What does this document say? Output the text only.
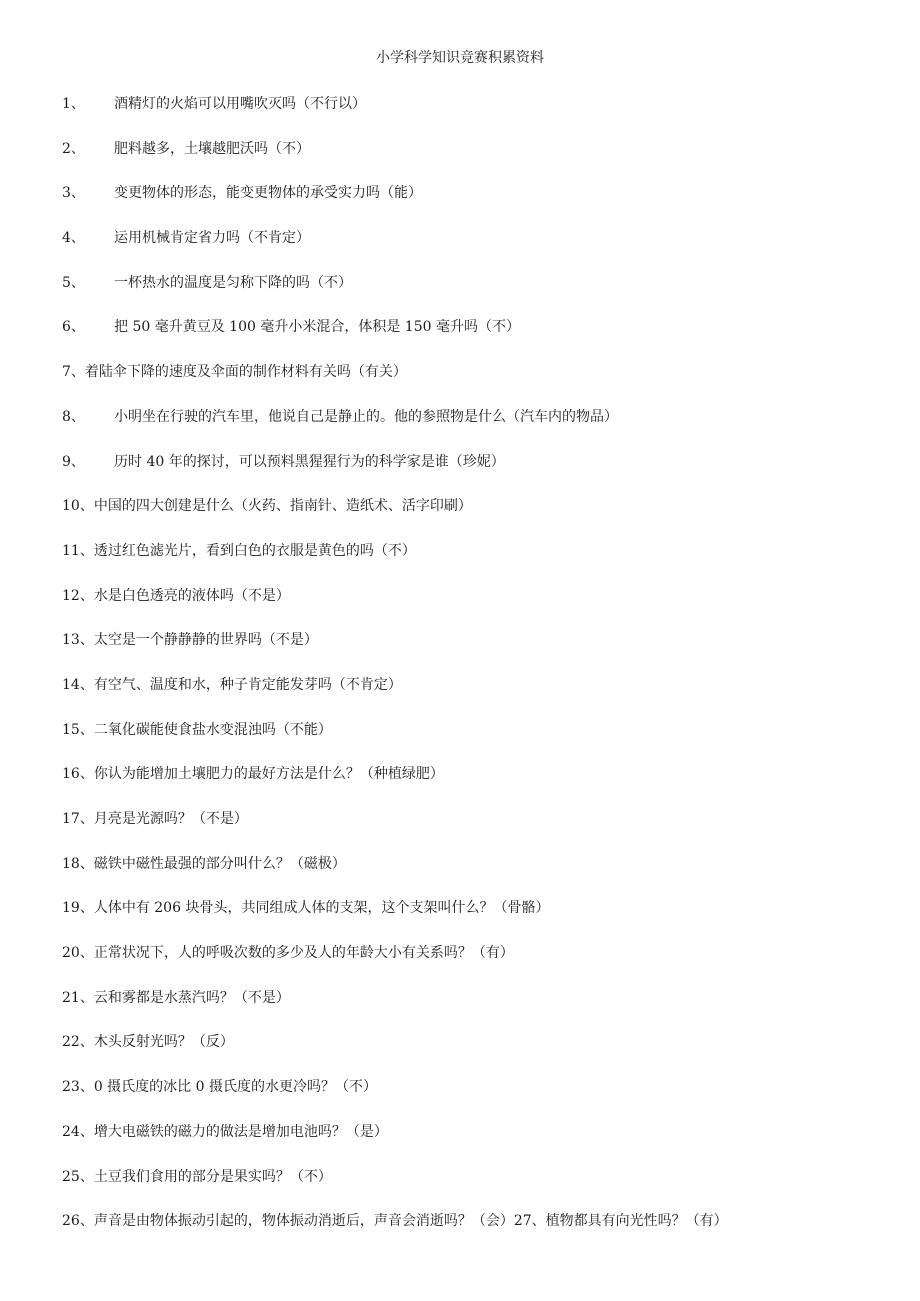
小学科学知识竞赛积累资料
1、	酒精灯的火焰可以用嘴吹灭吗（不行以）
2、	肥料越多，土壤越肥沃吗（不）
3、	变更物体的形态，能变更物体的承受实力吗（能）
4、	运用机械肯定省力吗（不肯定）
5、	一杯热水的温度是匀称下降的吗（不）
6、	把 50 毫升黄豆及 100 毫升小米混合，体积是 150 毫升吗（不）
7、 着陆伞下降的速度及伞面的制作材料有关吗（有关）
8、	小明坐在行驶的汽车里，他说自己是静止的。他的参照物是什么（汽车内的物品）
9、	历时 40 年的探讨，可以预料黑猩猩行为的科学家是谁（珍妮）
10、 中国的四大创建是什么（火药、指南针、造纸术、活字印刷）
11、 透过红色滤光片，看到白色的衣服是黄色的吗（不）
12、 水是白色透亮的液体吗（不是）
13、 太空是一个静静静的世界吗（不是）
14、 有空气、温度和水，种子肯定能发芽吗（不肯定）
15、 二氧化碳能使食盐水变混浊吗（不能）
16、 你认为能增加土壤肥力的最好方法是什么？（种植绿肥）
17、 月亮是光源吗？（不是）
18、 磁铁中磁性最强的部分叫什么？（磁极）
19、 人体中有 206 块骨头，共同组成人体的支架，这个支架叫什么？（骨骼）
20、 正常状况下，人的呼吸次数的多少及人的年龄大小有关系吗？（有）
21、 云和雾都是水蒸汽吗？（不是）
22、 木头反射光吗？（反）
23、 0 摄氏度的冰比 0 摄氏度的水更冷吗？（不）
24、 增大电磁铁的磁力的做法是增加电池吗？（是）
25、 土豆我们食用的部分是果实吗？（不）
26、 声音是由物体振动引起的，物体振动消逝后，声音会消逝吗？（会）27、植物都具有向光性吗？（有）
